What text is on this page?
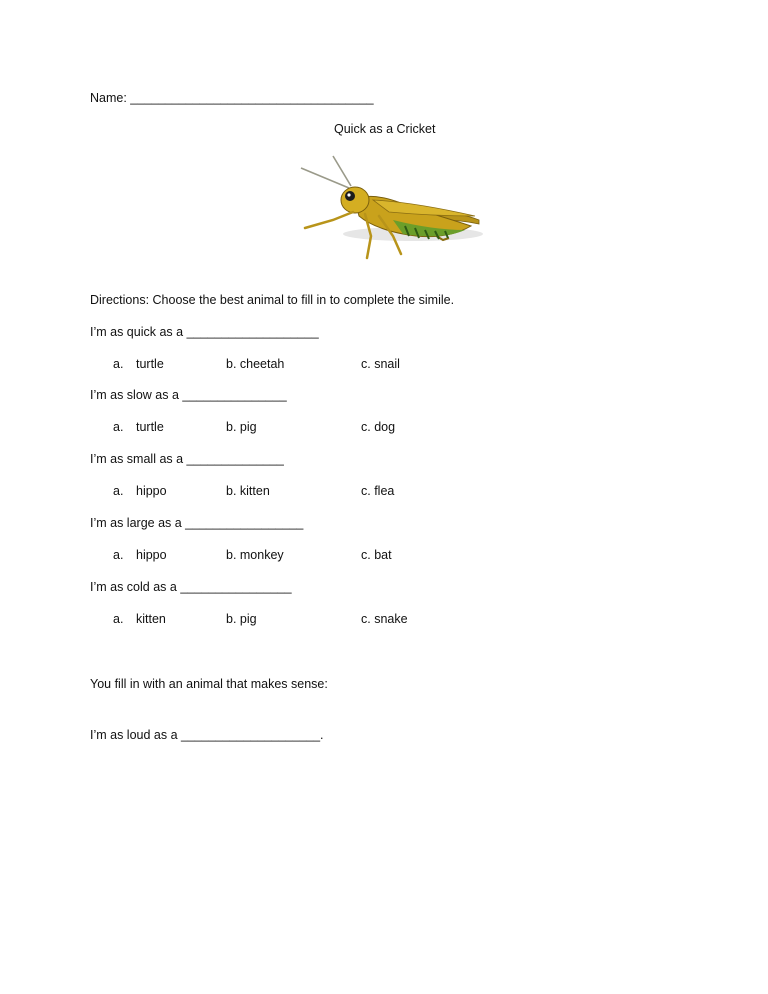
Name: ___________________________________
Quick as a Cricket
Directions: Choose the best animal to fill in to complete the simile.
I’m as quick as a ___________________
a. turtle	b. cheetah	c. snail
I’m as slow as a _______________
a. turtle	b. pig	c. dog
I’m as small as a ______________
a. hippo	b. kitten	c. flea
I’m as large as a _________________
a. hippo	b. monkey	c. bat
I’m as cold as a ________________
a. kitten	b. pig	c. snake
You fill in with an animal that makes sense:
I’m as loud as a ____________________.
